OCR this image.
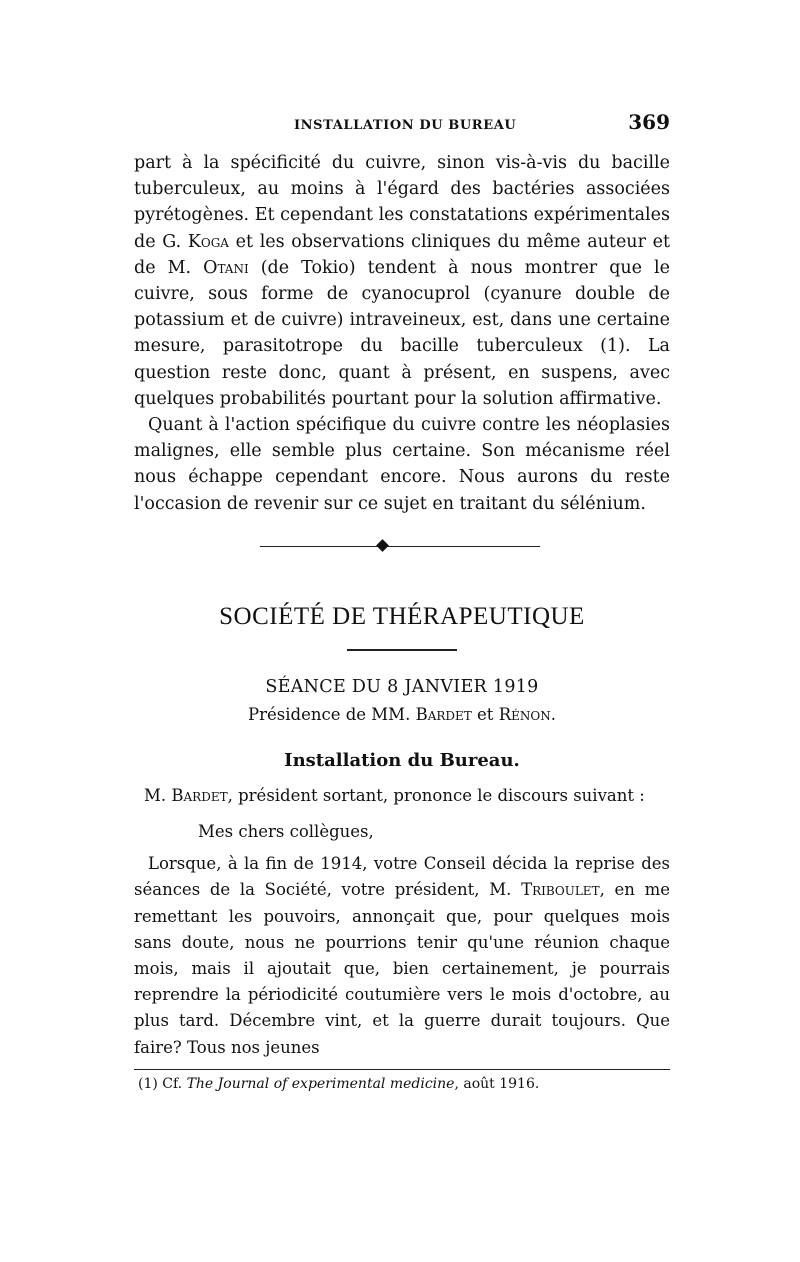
INSTALLATION DU BUREAU	369

part à la spécificité du cuivre, sinon vis-à-vis du bacille tuberculeux, au moins à l'égard des bactéries associées pyrétogènes. Et cependant les constatations expérimentales de G. Koga et les observations cliniques du même auteur et de M. Otani (de Tokio) tendent à nous montrer que le cuivre, sous forme de cyanocuprol (cyanure double de potassium et de cuivre) intraveineux, est, dans une certaine mesure, parasitotrope du bacille tuberculeux (1). La question reste donc, quant à présent, en suspens, avec quelques probabilités pourtant pour la solution affirmative.

Quant à l'action spécifique du cuivre contre les néoplasies malignes, elle semble plus certaine. Son mécanisme réel nous échappe cependant encore. Nous aurons du reste l'occasion de revenir sur ce sujet en traitant du sélénium.

SOCIÉTÉ DE THÉRAPEUTIQUE
SÉANCE DU 8 JANVIER 1919
Présidence de MM. Bardet et Rénon.
Installation du Bureau.

M. Bardet, président sortant, prononce le discours suivant :

Mes chers collègues,

Lorsque, à la fin de 1914, votre Conseil décida la reprise des séances de la Société, votre président, M. Triboulet, en me remettant les pouvoirs, annonçait que, pour quelques mois sans doute, nous ne pourrions tenir qu'une réunion chaque mois, mais il ajoutait que, bien certainement, je pourrais reprendre la périodicité coutumière vers le mois d'octobre, au plus tard. Décembre vint, et la guerre durait toujours. Que faire? Tous nos jeunes

(1) Cf. The Journal of experimental medicine, août 1916.
